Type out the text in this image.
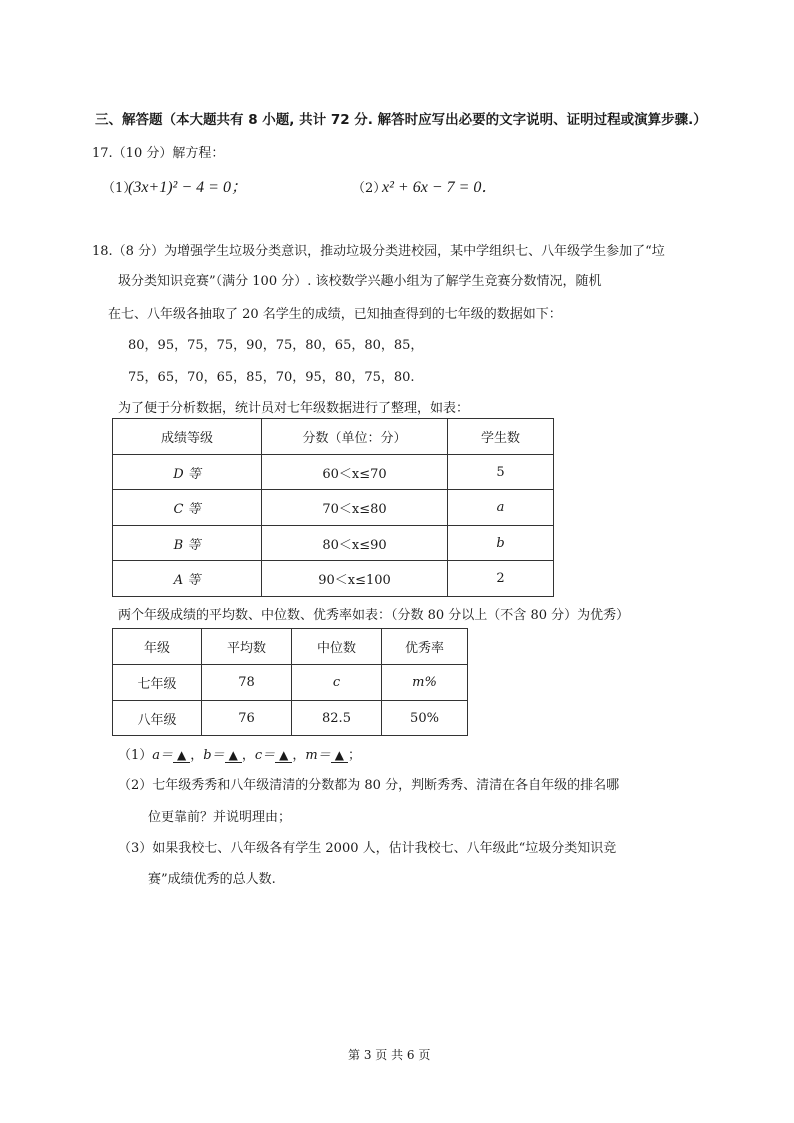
三、解答题（本大题共有 8 小题, 共计 72 分. 解答时应写出必要的文字说明、证明过程或演算步骤.）
17.（10 分）解方程：
（1）
(3x+1)² − 4 = 0；	（2）
x² + 6x − 7 = 0．
18.（8 分）为增强学生垃圾分类意识，推动垃圾分类进校园，某中学组织七、八年级学生参加了“垃
圾分类知识竞赛”（满分 100 分）. 该校数学兴趣小组为了解学生竞赛分数情况，随机
在七、八年级各抽取了 20 名学生的成绩，已知抽查得到的七年级的数据如下：
80，95，75，75，90，75，80，65，80，85，
75，65，70，65，85，70，95，80，75，80.
为了便于分析数据，统计员对七年级数据进行了整理，如表：
成绩等级	分数（单位：分）	学生数
D 等	60＜x≤70	5
C 等	70＜x≤80	a
B 等	80＜x≤90	b
A 等	90＜x≤100	2
两个年级成绩的平均数、中位数、优秀率如表：（分数 80 分以上（不含 80 分）为优秀）
年级	平均数	中位数	优秀率
七年级	78	c	m%
八年级	76	82.5	50%
（1）a＝ ▲ ，b＝ ▲ ，c＝ ▲ ，m＝ ▲ ；
（2）七年级秀秀和八年级清清的分数都为 80 分，判断秀秀、清清在各自年级的排名哪
位更靠前？并说明理由；
（3）如果我校七、八年级各有学生 2000 人，估计我校七、八年级此“垃圾分类知识竞
赛”成绩优秀的总人数.
第 3 页 共 6 页
